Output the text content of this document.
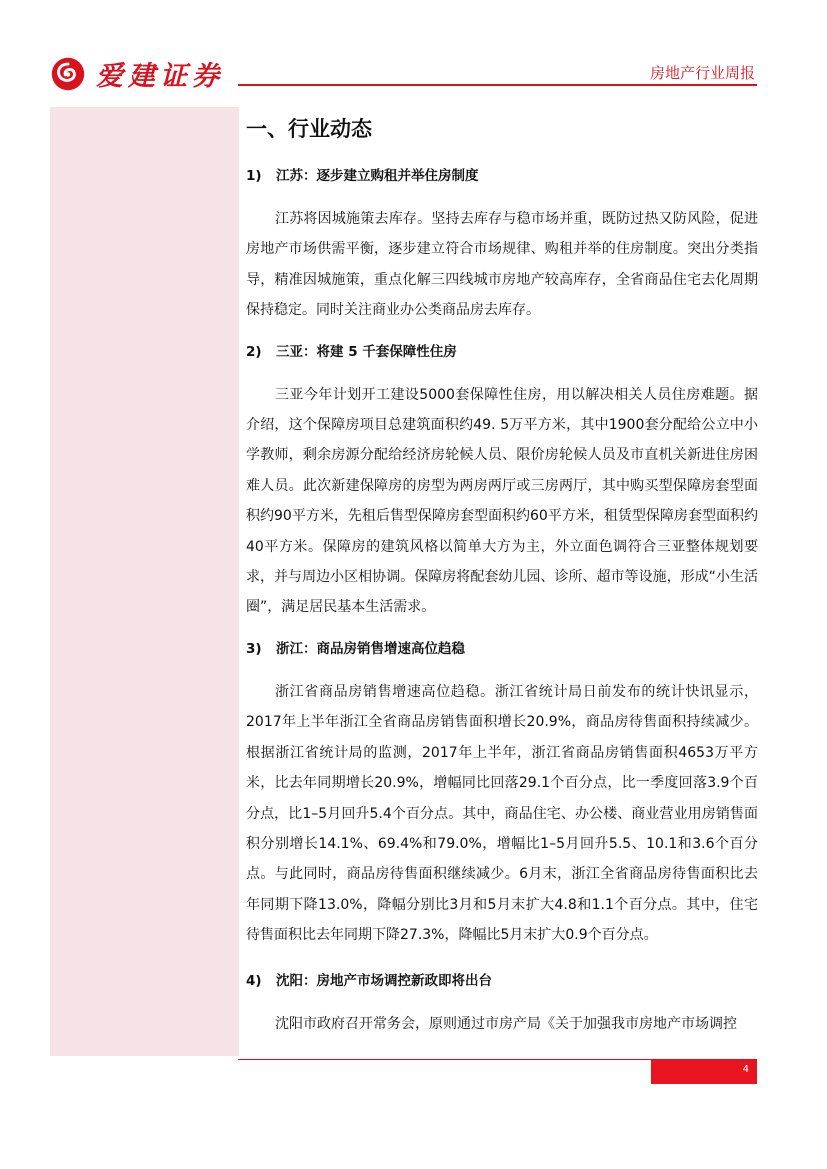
爱建证券	房地产行业周报
一、行业动态
1)	江苏：逐步建立购租并举住房制度

江苏将因城施策去库存。坚持去库存与稳市场并重，既防过热又防风险，促进房地产市场供需平衡，逐步建立符合市场规律、购租并举的住房制度。突出分类指导，精准因城施策，重点化解三四线城市房地产较高库存，全省商品住宅去化周期保持稳定。同时关注商业办公类商品房去库存。

2)	三亚：将建 5 千套保障性住房

三亚今年计划开工建设5000套保障性住房，用以解决相关人员住房难题。据介绍，这个保障房项目总建筑面积约49. 5万平方米，其中1900套分配给公立中小学教师，剩余房源分配给经济房轮候人员、限价房轮候人员及市直机关新进住房困难人员。此次新建保障房的房型为两房两厅或三房两厅，其中购买型保障房套型面积约90平方米，先租后售型保障房套型面积约60平方米，租赁型保障房套型面积约40平方米。保障房的建筑风格以简单大方为主，外立面色调符合三亚整体规划要求，并与周边小区相协调。保障房将配套幼儿园、诊所、超市等设施，形成“小生活圈”，满足居民基本生活需求。

3)	浙江：商品房销售增速高位趋稳

浙江省商品房销售增速高位趋稳。浙江省统计局日前发布的统计快讯显示，2017年上半年浙江全省商品房销售面积增长20.9%，商品房待售面积持续减少。根据浙江省统计局的监测，2017年上半年，浙江省商品房销售面积4653万平方米，比去年同期增长20.9%，增幅同比回落29.1个百分点，比一季度回落3.9个百分点，比1–5月回升5.4个百分点。其中，商品住宅、办公楼、商业营业用房销售面积分别增长14.1%、69.4%和79.0%，增幅比1–5月回升5.5、10.1和3.6个百分点。与此同时，商品房待售面积继续减少。6月末，浙江全省商品房待售面积比去年同期下降13.0%，降幅分别比3月和5月末扩大4.8和1.1个百分点。其中，住宅待售面积比去年同期下降27.3%，降幅比5月末扩大0.9个百分点。

4)	沈阳：房地产市场调控新政即将出台

沈阳市政府召开常务会，原则通过市房产局《关于加强我市房地产市场调控

4
